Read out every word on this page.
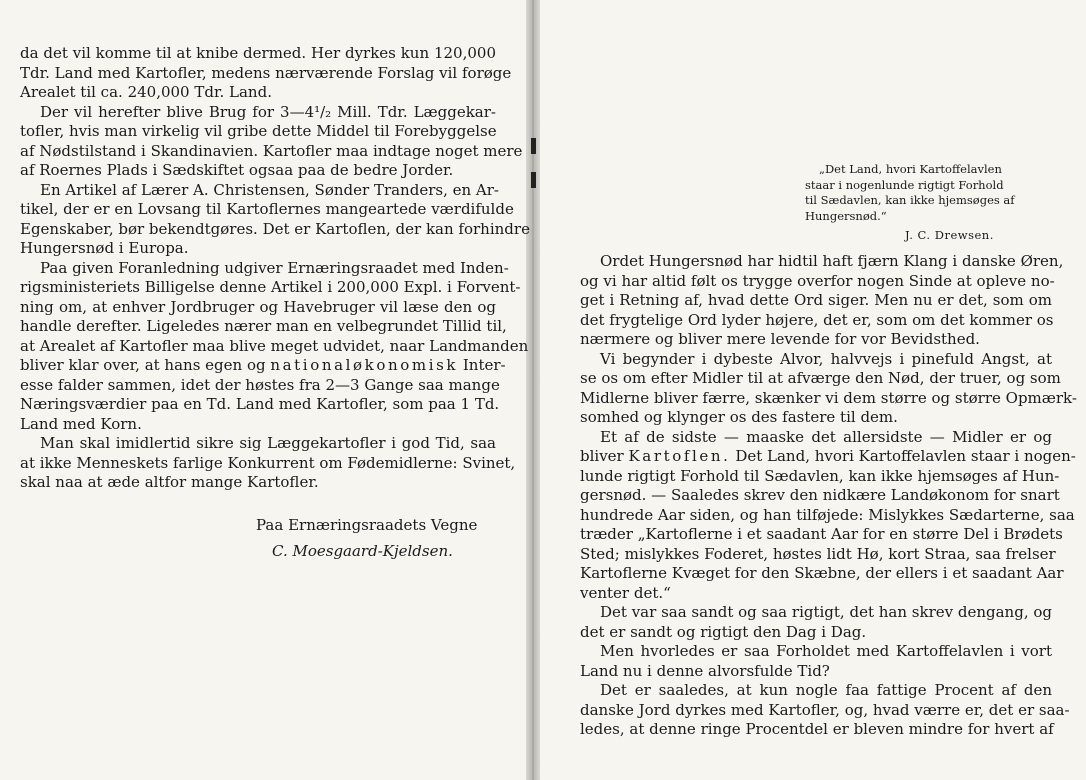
da det vil komme til at knibe dermed. Her dyrkes kun 120,000
Tdr. Land med Kartofler, medens nærværende Forslag vil forøge
Arealet til ca. 240,000 Tdr. Land.
Der vil herefter blive Brug for 3—4¹/₂ Mill. Tdr. Læggekar-
tofler, hvis man virkelig vil gribe dette Middel til Forebyggelse
af Nødstilstand i Skandinavien. Kartofler maa indtage noget mere
af Roernes Plads i Sædskiftet ogsaa paa de bedre Jorder.
En Artikel af Lærer A. Christensen, Sønder Tranders, en Ar-
tikel, der er en Lovsang til Kartoflernes mangeartede værdifulde
Egenskaber, bør bekendtgøres. Det er Kartoflen, der kan forhindre
Hungersnød i Europa.
Paa given Foranledning udgiver Ernæringsraadet med Inden-
rigsministeriets Billigelse denne Artikel i 200,000 Expl. i Forvent-
ning om, at enhver Jordbruger og Havebruger vil læse den og
handle derefter. Ligeledes nærer man en velbegrundet Tillid til,
at Arealet af Kartofler maa blive meget udvidet, naar Landmanden
bliver klar over, at hans egen og nationaløkonomisk Inter-
esse falder sammen, idet der høstes fra 2—3 Gange saa mange
Næringsværdier paa en Td. Land med Kartofler, som paa 1 Td.
Land med Korn.
Man skal imidlertid sikre sig Læggekartofler i god Tid, saa
at ikke Menneskets farlige Konkurrent om Fødemidlerne: Svinet,
skal naa at æde altfor mange Kartofler.
Paa Ernæringsraadets Vegne
C. Moesgaard-Kjeldsen.
„Det Land, hvori Kartoffelavlen
staar i nogenlunde rigtigt Forhold
til Sædavlen, kan ikke hjemsøges af
Hungersnød.“
J. C. Drewsen.
Ordet Hungersnød har hidtil haft fjærn Klang i danske Øren,
og vi har altid følt os trygge overfor nogen Sinde at opleve no-
get i Retning af, hvad dette Ord siger. Men nu er det, som om
det frygtelige Ord lyder højere, det er, som om det kommer os
nærmere og bliver mere levende for vor Bevidsthed.
Vi begynder i dybeste Alvor, halvvejs i pinefuld Angst, at
se os om efter Midler til at afværge den Nød, der truer, og som
Midlerne bliver færre, skænker vi dem større og større Opmærk-
somhed og klynger os des fastere til dem.
Et af de sidste — maaske det allersidste — Midler er og
bliver Kartoflen. Det Land, hvori Kartoffelavlen staar i nogen-
lunde rigtigt Forhold til Sædavlen, kan ikke hjemsøges af Hun-
gersnød. — Saaledes skrev den nidkære Landøkonom for snart
hundrede Aar siden, og han tilføjede: Mislykkes Sædarterne, saa
træder „Kartoflerne i et saadant Aar for en større Del i Brødets
Sted; mislykkes Foderet, høstes lidt Hø, kort Straa, saa frelser
Kartoflerne Kvæget for den Skæbne, der ellers i et saadant Aar
venter det.“
Det var saa sandt og saa rigtigt, det han skrev dengang, og
det er sandt og rigtigt den Dag i Dag.
Men hvorledes er saa Forholdet med Kartoffelavlen i vort
Land nu i denne alvorsfulde Tid?
Det er saaledes, at kun nogle faa fattige Procent af den
danske Jord dyrkes med Kartofler, og, hvad værre er, det er saa-
ledes, at denne ringe Procentdel er bleven mindre for hvert af
